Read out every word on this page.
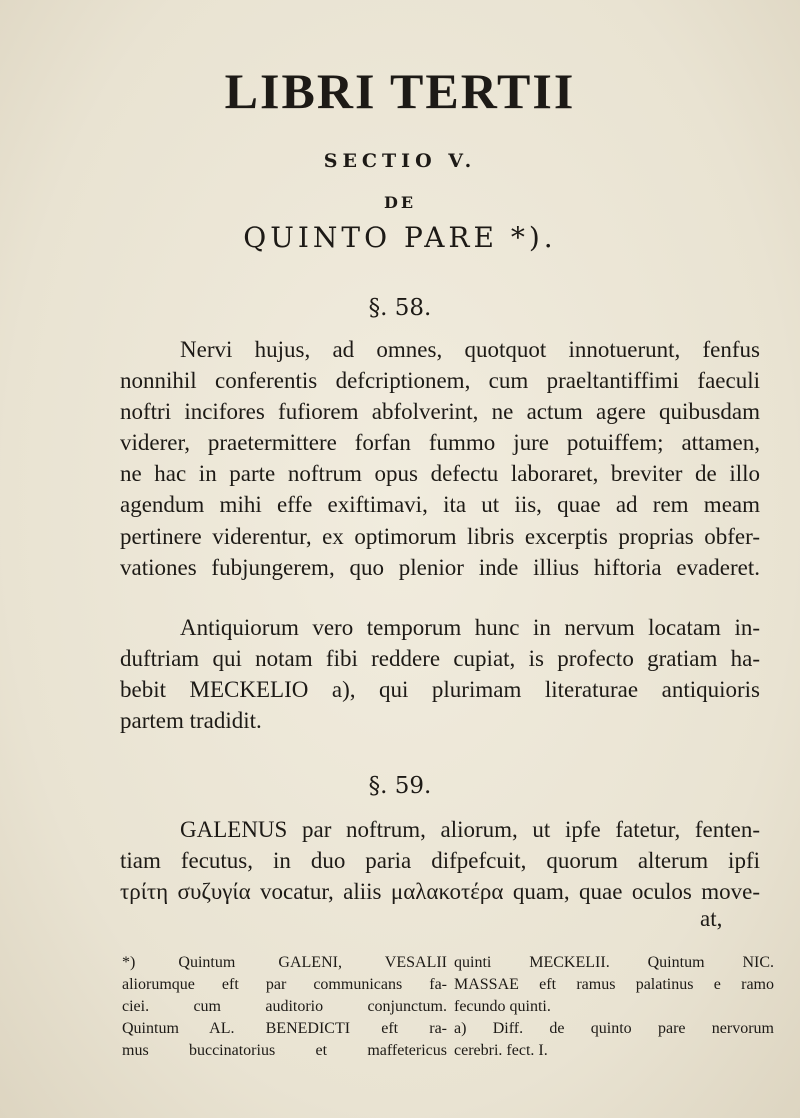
LIBRI TERTII
SECTIO V.
DE
QUINTO PARE *).
§. 58.
Nervi hujus, ad omnes, quotquot innotuerunt, fenfus
nonnihil conferentis defcriptionem, cum praeltantiffimi faeculi
noftri incifores fufiorem abfolverint, ne actum agere quibusdam
viderer, praetermittere forfan fummo jure potuiffem; attamen,
ne hac in parte noftrum opus defectu laboraret, breviter de illo
agendum mihi effe exiftimavi, ita ut iis, quae ad rem meam
pertinere viderentur, ex optimorum libris excerptis proprias obfer-
vationes fubjungerem, quo plenior inde illius hiftoria evaderet.
Antiquiorum vero temporum hunc in nervum locatam in-
duftriam qui notam fibi reddere cupiat, is profecto gratiam ha-
bebit MECKELIO a), qui plurimam literaturae antiquioris
partem tradidit.
§. 59.
GALENUS par noftrum, aliorum, ut ipfe fatetur, fenten-
tiam fecutus, in duo paria difpefcuit, quorum alterum ipfi
τρίτη συζυγία vocatur, aliis μαλακοτέρα quam, quae oculos move-
at,
*) Quintum GALENI, VESALII
aliorumque eft par communicans fa-
ciei. cum auditorio conjunctum.
Quintum AL. BENEDICTI eft ra-
mus buccinatorius et maffetericus
quinti MECKELII. Quintum NIC.
MASSAE eft ramus palatinus e ramo
fecundo quinti.
a) Diff. de quinto pare nervorum
cerebri. fect. I.
